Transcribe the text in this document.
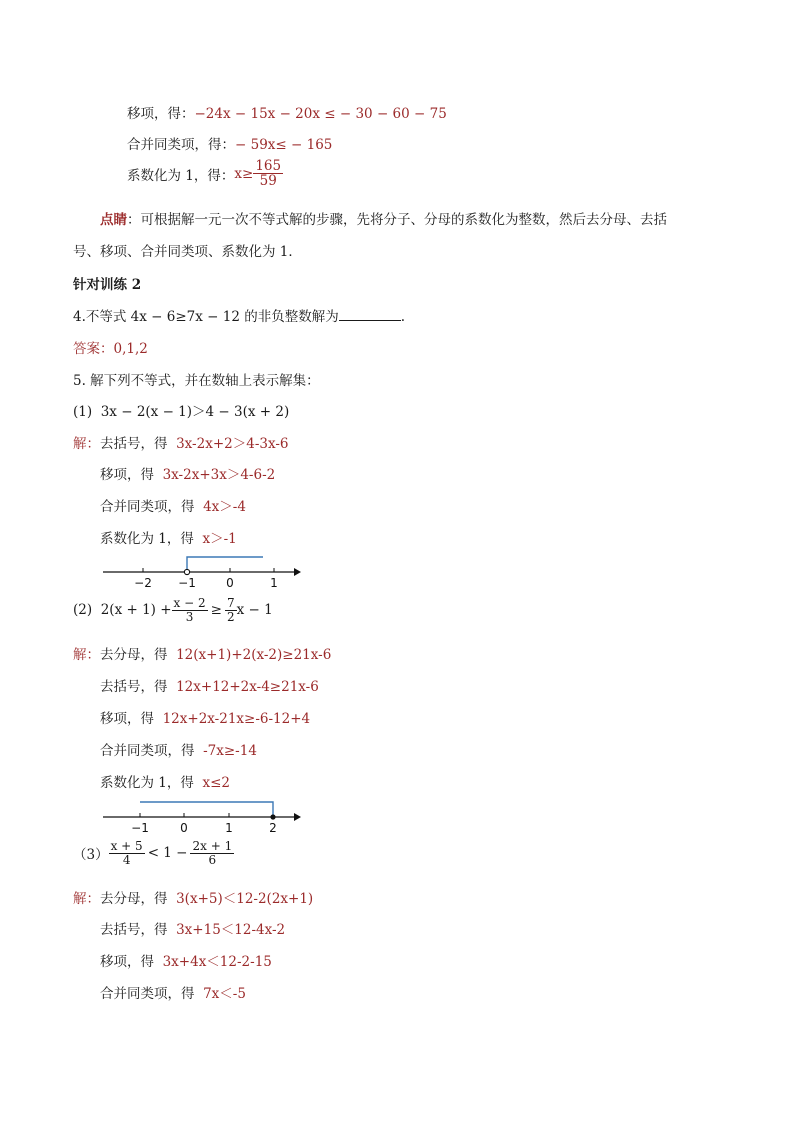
移项，得：−24x − 15x − 20x ≤ − 30 − 60 − 75
合并同类项，得：− 59x≤ − 165
系数化为 1，得： $x\ge \frac{165}{59}$
点睛：可根据解一元一次不等式解的步骤，先将分子、分母的系数化为整数，然后去分母、去括
号、移项、合并同类项、系数化为 1．
针对训练 2
4.不等式 4x − 6≥7x − 12 的非负整数解为	.
答案：0,1,2
5. 解下列不等式，并在数轴上表示解集：
(1) 3x − 2(x − 1)＞4 − 3(x + 2)
解：去括号，得 3x-2x+2＞4-3x-6
移项，得 3x-2x+3x＞4-6-2
合并同类项，得 4x＞-4
系数化为 1，得 x＞-1
−2 −1	0	1
(2)
$2(x + 1) + \frac{x - 2}{3} \ge \frac{7}{2}$ x − 1
解：去分母，得 12(x+1)+2(x-2)≥21x-6
去括号，得 12x+12+2x-4≥21x-6
移项，得 12x+2x-21x≥-6-12+4
合并同类项，得 -7x≥-14
系数化为 1，得 x≤2
−1	0	1	2
$(3) \frac{x + 5}{4} < 1 - \frac{2x + 1}{6}$
解：去分母，得 3(x+5)＜12-2(2x+1)
去括号，得 3x+15＜12-4x-2
移项，得 3x+4x＜12-2-15
合并同类项，得 7x＜-5
